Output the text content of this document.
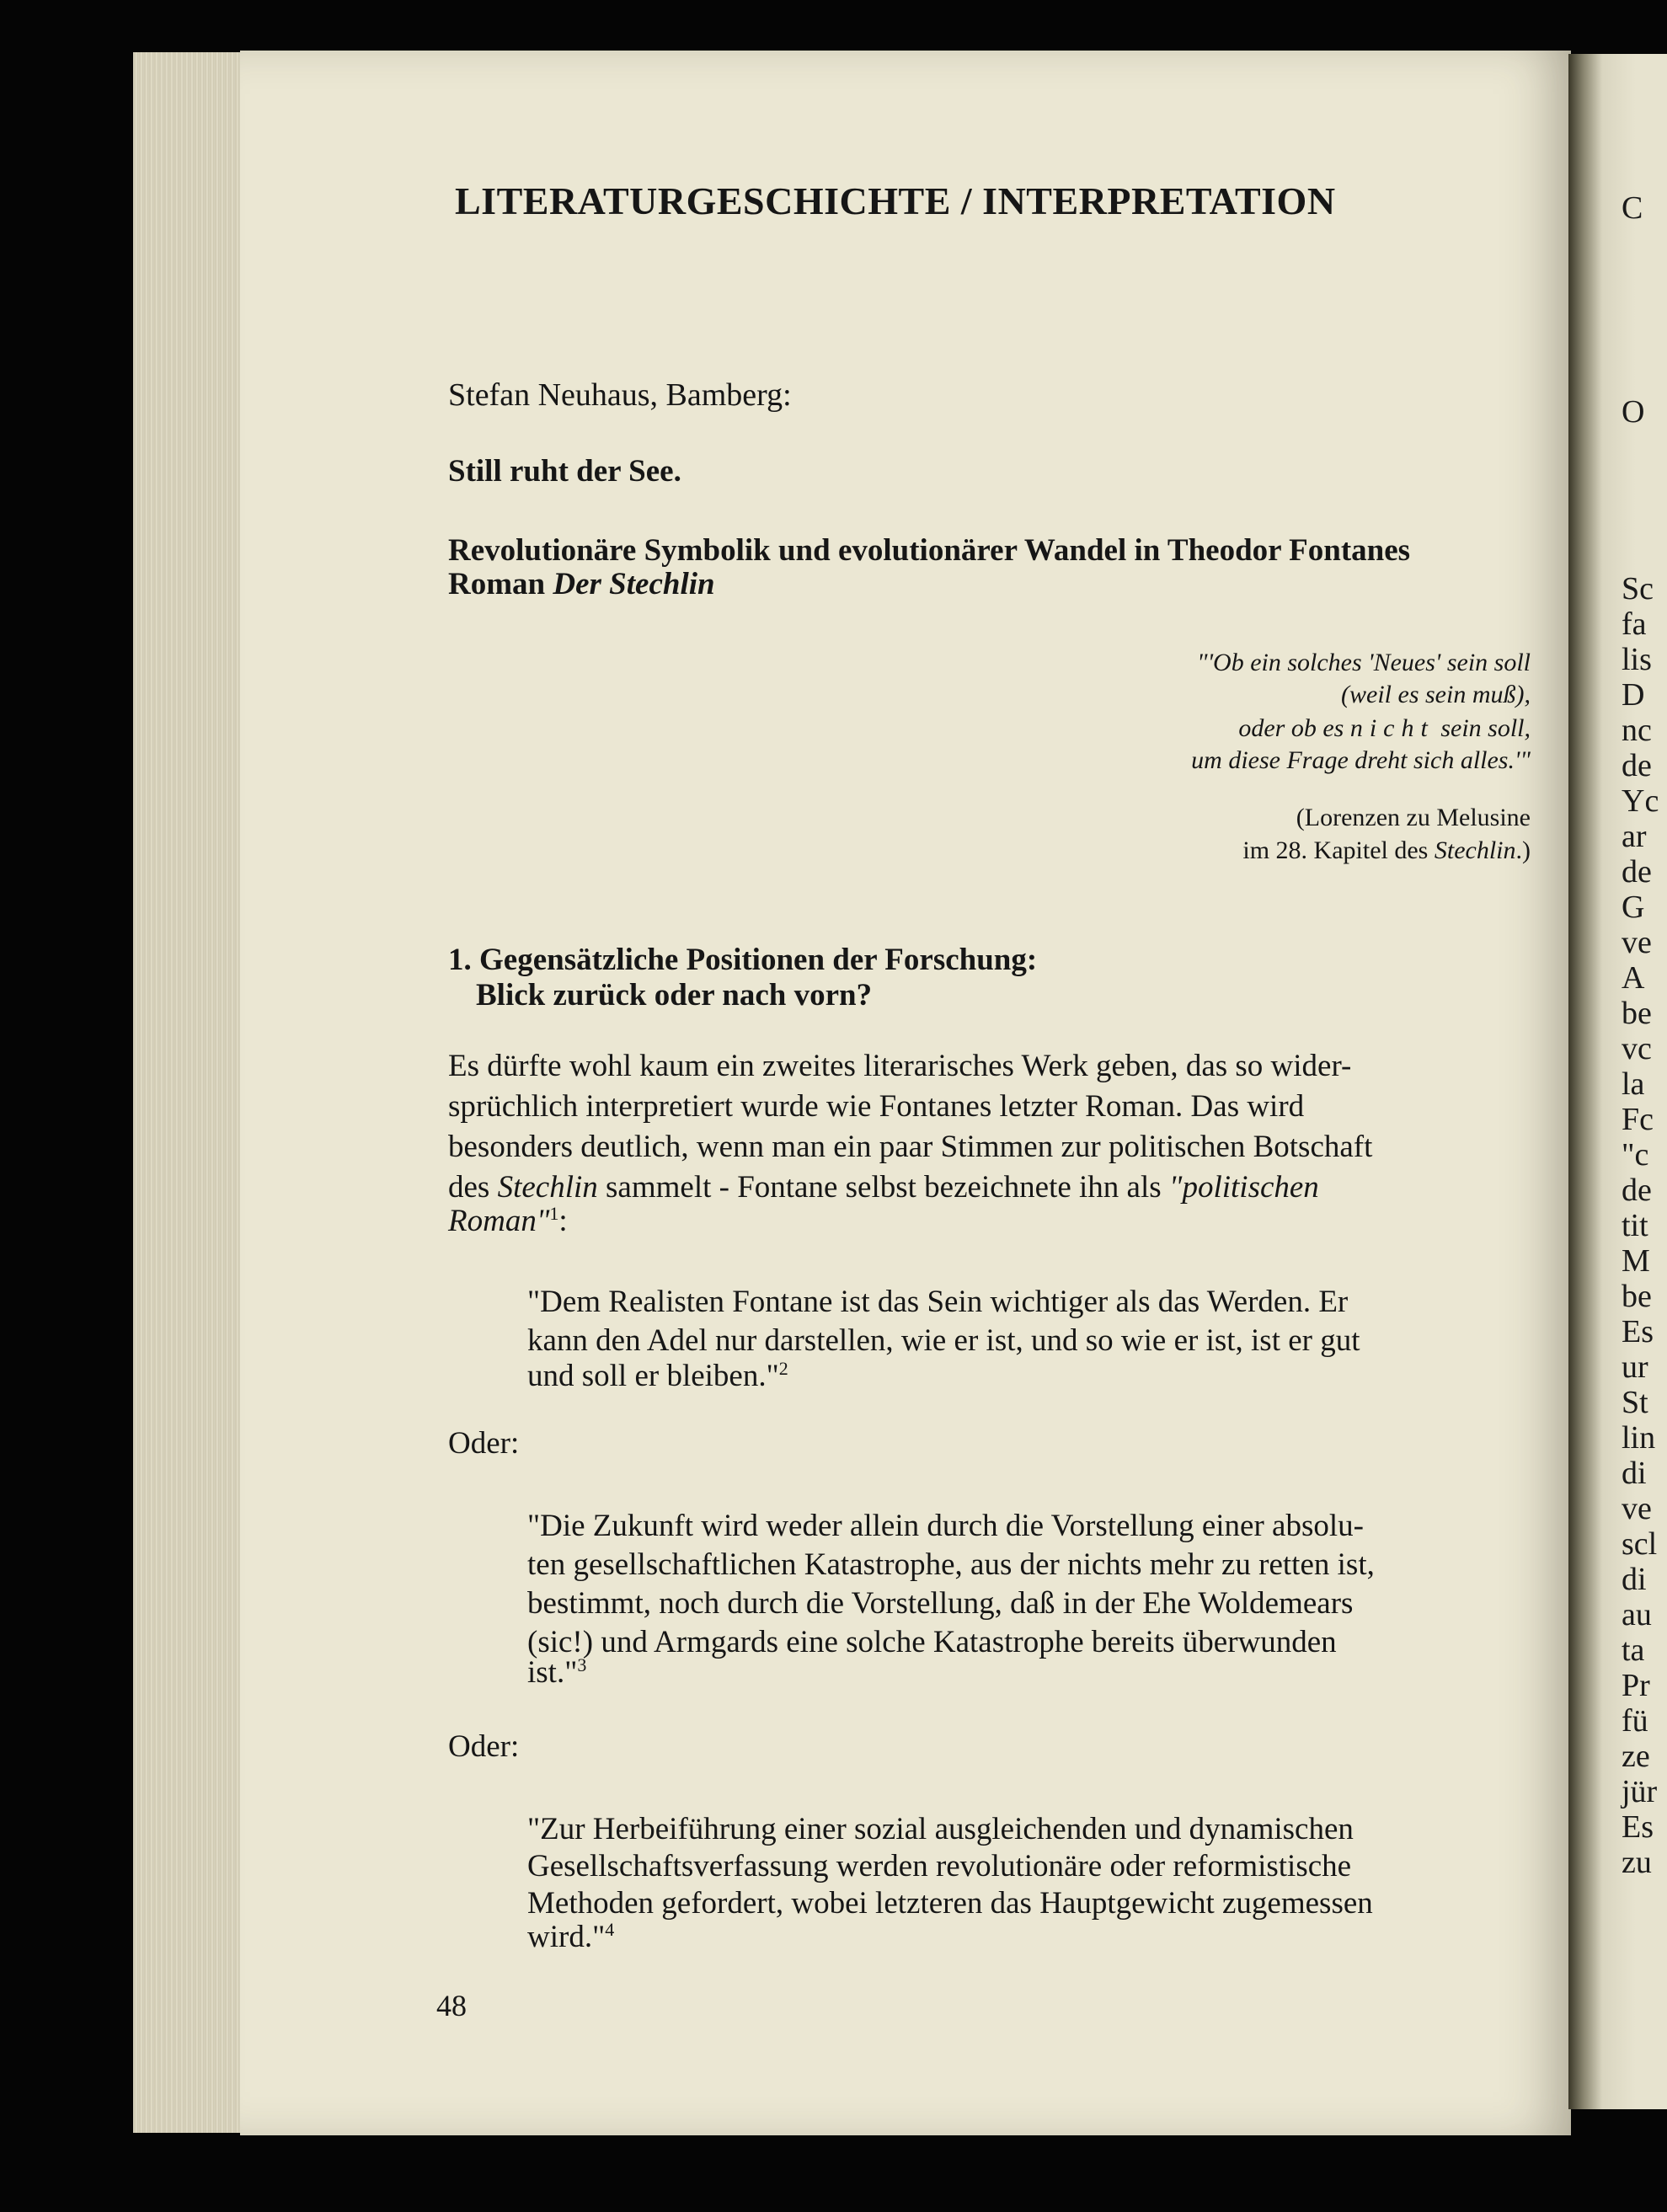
C
O
Sc
fa
lis
D
nc
de
Yc
ar
de
G
ve
A
be
vc
la
Fc
"c
de
tit
M
be
Es
ur
St
lin
di
ve
scl
di
au
ta
Pr
fü
ze
jür
Es
zu
LITERATURGESCHICHTE / INTERPRETATION
Stefan Neuhaus, Bamberg:
Still ruht der See.
Revolutionäre Symbolik und evolutionärer Wandel in Theodor Fontanes
Roman Der Stechlin
"'Ob ein solches 'Neues' sein soll
(weil es sein muß),
oder ob es nicht sein soll,
um diese Frage dreht sich alles.'"
(Lorenzen zu Melusine
im 28. Kapitel des Stechlin.)
1. Gegensätzliche Positionen der Forschung:
Blick zurück oder nach vorn?
Es dürfte wohl kaum ein zweites literarisches Werk geben, das so wider-
sprüchlich interpretiert wurde wie Fontanes letzter Roman. Das wird
besonders deutlich, wenn man ein paar Stimmen zur politischen Botschaft
des Stechlin sammelt - Fontane selbst bezeichnete ihn als "politischen
Roman"$^1$:
"Dem Realisten Fontane ist das Sein wichtiger als das Werden. Er
kann den Adel nur darstellen, wie er ist, und so wie er ist, ist er gut
und soll er bleiben."$^2$
Oder:
"Die Zukunft wird weder allein durch die Vorstellung einer absolu-
ten gesellschaftlichen Katastrophe, aus der nichts mehr zu retten ist,
bestimmt, noch durch die Vorstellung, daß in der Ehe Woldemears
(sic!) und Armgards eine solche Katastrophe bereits überwunden
ist."$^3$
Oder:
"Zur Herbeiführung einer sozial ausgleichenden und dynamischen
Gesellschaftsverfassung werden revolutionäre oder reformistische
Methoden gefordert, wobei letzteren das Hauptgewicht zugemessen
wird."$^4$
48
